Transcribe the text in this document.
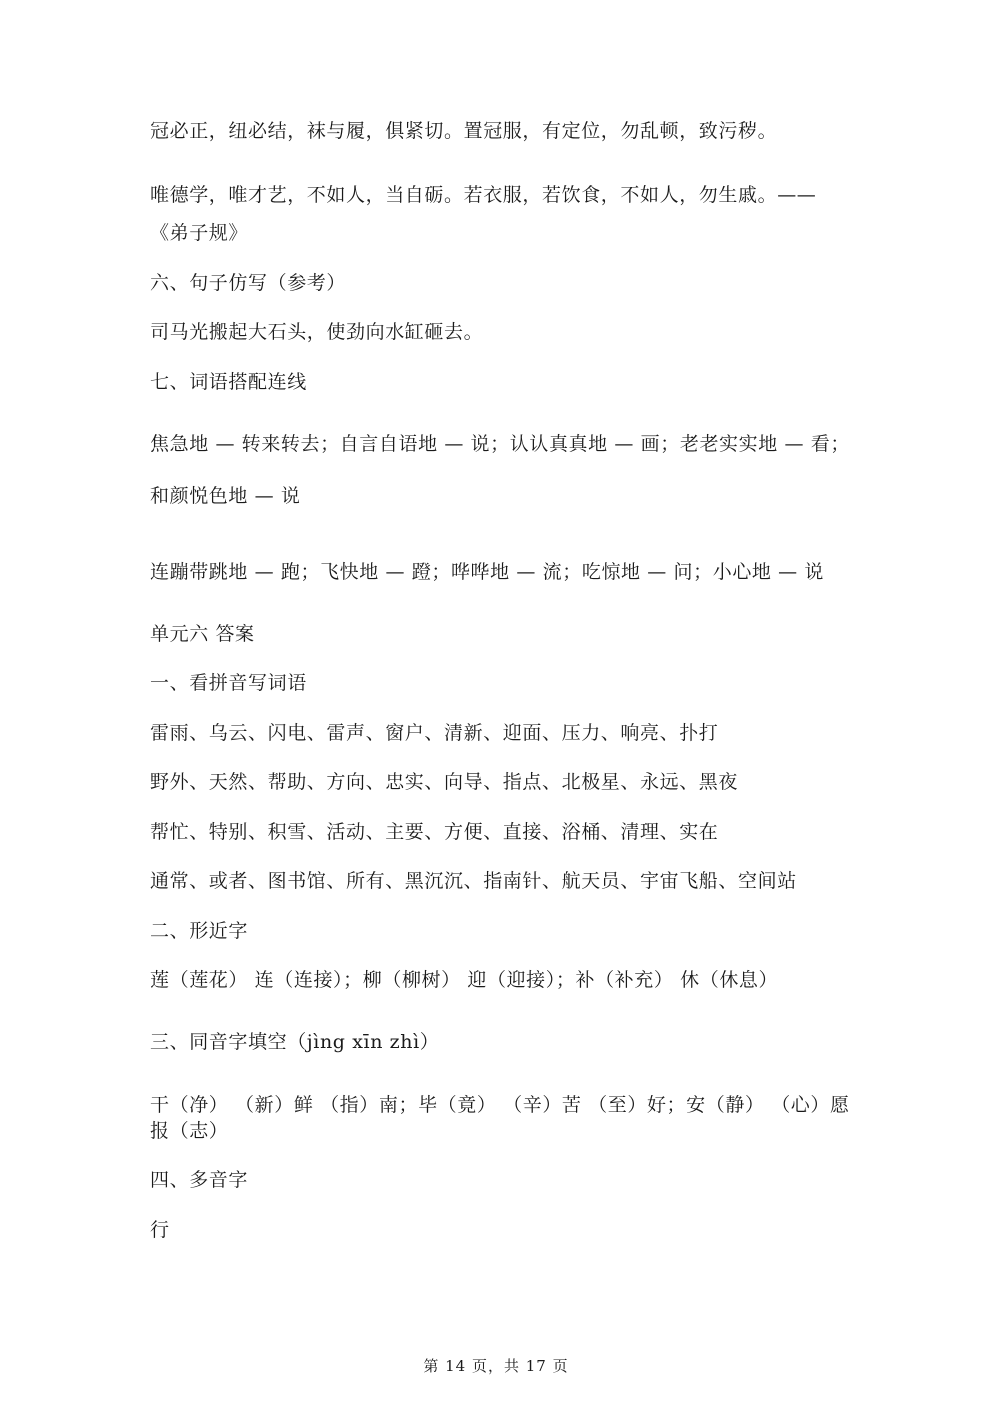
冠必正，纽必结，袜与履，俱紧切。置冠服，有定位，勿乱顿，致污秽。
唯德学，唯才艺，不如人，当自砺。若衣服，若饮食，不如人，勿生戚。——《弟子规》
六、句子仿写（参考）
司马光搬起大石头，使劲向水缸砸去。
七、词语搭配连线
焦急地 — 转来转去；自言自语地 — 说；认认真真地 — 画；老老实实地 — 看；
和颜悦色地 — 说
连蹦带跳地 — 跑；飞快地 — 蹬；哗哗地 — 流；吃惊地 — 问；小心地 — 说
单元六 答案
一、看拼音写词语
雷雨、乌云、闪电、雷声、窗户、清新、迎面、压力、响亮、扑打
野外、天然、帮助、方向、忠实、向导、指点、北极星、永远、黑夜
帮忙、特别、积雪、活动、主要、方便、直接、浴桶、清理、实在
通常、或者、图书馆、所有、黑沉沉、指南针、航天员、宇宙飞船、空间站
二、形近字
莲（莲花） 连（连接）；柳（柳树） 迎（迎接）；补（补充） 休（休息）
三、同音字填空（jìng xīn zhì）
干（净） （新）鲜 （指）南；毕（竟） （辛）苦 （至）好；安（静） （心）愿 报（志）
四、多音字
行
第 14 页，共 17 页
